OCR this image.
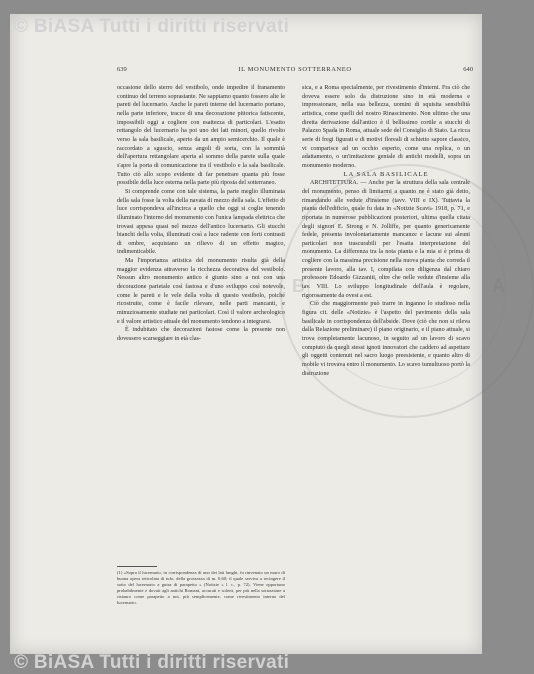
B	A
© BiASA Tutti i diritti riservati
639	IL MONUMENTO SOTTERRANEO	640

occasione dello sterro del vestibolo, onde impedire il franamento continuo del terreno soprastante. Ne sappiamo quanto fossero alte le pareti del lucernario. Anche le pareti interne del lucernario portano, nella parte inferiore, tracce di una decorazione pittorica fatiscente, impossibili oggi a cogliere con esattezza di particolari. L'esatto rettangolo del lucernario ha poi uno dei lati minori, quello rivolto verso la sala basilicale, aperto da un ampio semicerchio. Il quale è raccordato a sguscio, senza angoli di sorta, con la sommità dell'apertura rettangolare aperta al sommo della parete sulla quale s'apre la porta di comunicazione tra il vestibolo e la sala basilicale. Tutto ciò allo scopo evidente di far penetrare quanta più fosse possibile della luce esterna nella parte più riposta del sotterraneo.

Si comprende come con tale sistema, la parte meglio illuminata della sala fosse la volta della navata di mezzo della sala. L'effetto di luce corrispondeva all'incirca a quello che oggi si coglie tenendo illuminato l'interno del monumento con l'unica lampada elettrica che trovasi appesa quasi nel mezzo dell'antico lucernario. Gli stucchi bianchi della volta, illuminati così a luce radente con forti contrasti di ombre, acquistano un rilievo di un effetto magico, indimenticabile.

Ma l'importanza artistica del monumento risulta già della maggior evidenza attraverso la ricchezza decorativa del vestibolo. Nessun altro monumento antico è giunto sino a noi con una decorazione parietale così fastosa e d'uno sviluppo così notevole, come le pareti e le vele della volta di questo vestibolo, poiché ricostruite, come è facile rilevare, nelle parti mancanti, e minuziosamente studiate nei particolari. Così il valore archeologico e il valore artistico attuale del monumento tendono a integrarsi.

È indubitato che decorazioni fastose come la presente non dovessero scarseggiare in età clas-

(1) «Sopra il lucernario, in corrispondenza di uno dei lati lunghi, fu rinvenuto un muro di buona opera reticolata di tufo, della grossezza di m. 0,60; il quale serviva a recingere il sotto del lucernario a guisa di parapetto » (Notizie » l. c., p. 72). Viene opportuno probabilmente e dovuti agli antichi Romani, accurati e solerti, per più nella sottrazione a ristauro come parapetto a noi, più semplicemente, come rivestimento interno del lucernario.

sica, e a Roma specialmente, per rivestimento d'interni. Fra ciò che doveva essere solo da distruzione sino in età moderna e impressionare, nella sua bellezza, uomini di squisita sensibilità artistica, come quelli del nostro Rinascimento. Non ultimo che una diretta derivazione dall'antico è il bellissimo cortile a stucchi di Palazzo Spada in Roma, attuale sede del Consiglio di Stato. La ricca serie di fregi figurati e di motivi floreali di schietto sapore classico, vi comparisce ad un occhio esperto, come una replica, o un adattamento, o un'imitazione geniale di antichi modelli, sopra un monumento moderno.

LA SALA BASILICALE

ARCHITETTURA. — Anche per la struttura della sala centrale del monumento, penso di limitarmi a quanto ne è stato già detto, rimandando alle vedute d'insieme (tavv. VIII e IX). Tuttavia la pianta dell'edificio, quale fu data in «Notizie Scavi» 1918, p. 71, e riportata in numerose pubblicazioni posteriori, ultima quella citata degli signori E. Strong e N. Jolliffe, per quanto genericamente fedele, presenta involontariamente mancanze e lacune sui aleuni particolari non trascurabili per l'esatta interpretazione del monumento. La differenza tra la nota pianta e la mia si è prima di cogliere con la massima precisione nella nuova pianta che correda il presente lavoro, alla tav. I, compilata con diligenza dal chiaro professore Edoardo Gizzaniti, oltre che nelle vedute d'insieme alla tav. VIII. Lo sviluppo longitudinale dell'aula è regolare, rigorosamente da ovest a est.

Ciò che maggiormente può trarre in inganno lo studioso nella figura cit. delle «Notizie» è l'aspetto del pavimento della sala basilicale in corrispondenza dell'abside. Dove (ciò che non si rileva dalla Relazione preliminare) il piano originario, e il piano attuale, si trova completamente lacunoso, in seguito ad un lavoro di scavo compiuto da quegli stessi ignoti innovatori che caddero ad aspettare gli oggetti contenuti nel sacro luogo preesistente, e quanto altro di mobile vi trovava entro il monumento. Lo scavo tumultuoso portò la distruzione

© BiASA Tutti i diritti riservati
